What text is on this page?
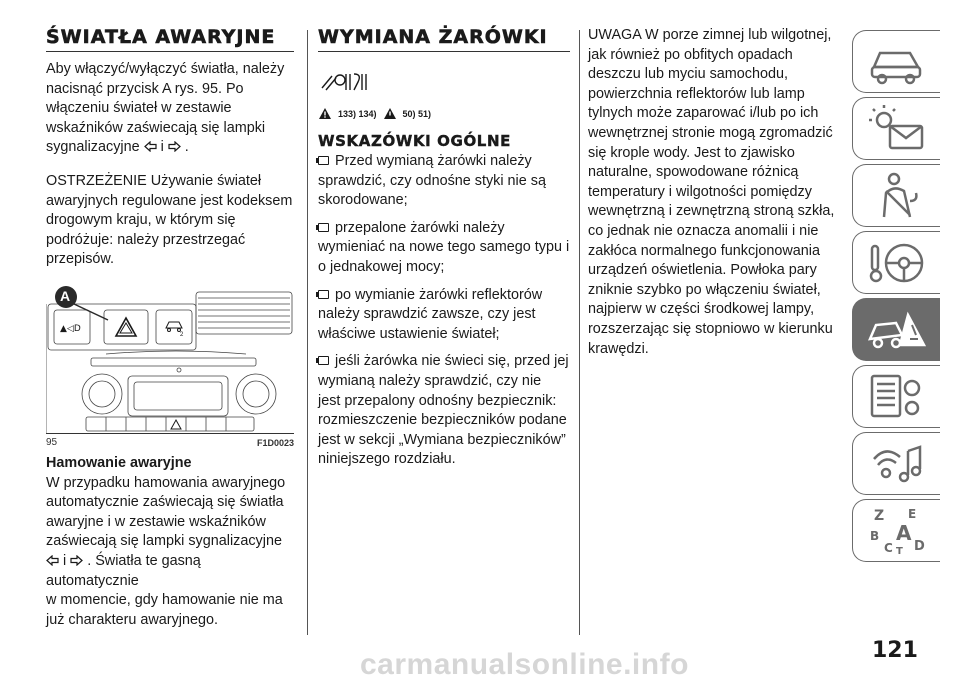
ŚWIATŁA AWARYJNE
Aby włączyć/wyłączyć światła, należy
nacisnąć przycisk A rys. 95. Po
włączeniu świateł w zestawie
wskaźników zaświecają się lampki
sygnalizacyjne i .
OSTRZEŻENIE Używanie świateł
awaryjnych regulowane jest kodeksem
drogowym kraju, w którym się
podróżuje: należy przestrzegać
przepisów.
▲◁D
2
A
95	F1D0023
Hamowanie awaryjne
W przypadku hamowania awaryjnego
automatycznie zaświecają się światła
awaryjne i w zestawie wskaźników
zaświecają się lampki sygnalizacyjne
i . Światła te gasną automatycznie
w momencie, gdy hamowanie nie ma
już charakteru awaryjnego.
WYMIANA ŻARÓWKI
133) 134)	50) 51)
WSKAZÓWKI OGÓLNE
Przed wymianą żarówki należy
sprawdzić, czy odnośne styki nie są
skorodowane;
przepalone żarówki należy
wymieniać na nowe tego samego typu i
o jednakowej mocy;
po wymianie żarówki reflektorów
należy sprawdzić zawsze, czy jest
właściwe ustawienie świateł;
jeśli żarówka nie świeci się, przed jej
wymianą należy sprawdzić, czy nie
jest przepalony odnośny bezpiecznik:
rozmieszczenie bezpieczników podane
jest w sekcji „Wymiana bezpieczników”
niniejszego rozdziału.
UWAGA W porze zimnej lub wilgotnej,
jak również po obfitych opadach
deszczu lub myciu samochodu,
powierzchnia reflektorów lub lamp
tylnych może zaparować i/lub po ich
wewnętrznej stronie mogą zgromadzić
się krople wody. Jest to zjawisko
naturalne, spowodowane różnicą
temperatury i wilgotności pomiędzy
wewnętrzną i zewnętrzną stroną szkła,
co jednak nie oznacza anomalii i nie
zakłóca normalnego funkcjonowania
urządzeń oświetlenia. Powłoka pary
zniknie szybko po włączeniu świateł,
najpierw w części środkowej lampy,
rozszerzając się stopniowo w kierunku
krawędzi.
Z E
B A
C T D
121
carmanualsonline.info
